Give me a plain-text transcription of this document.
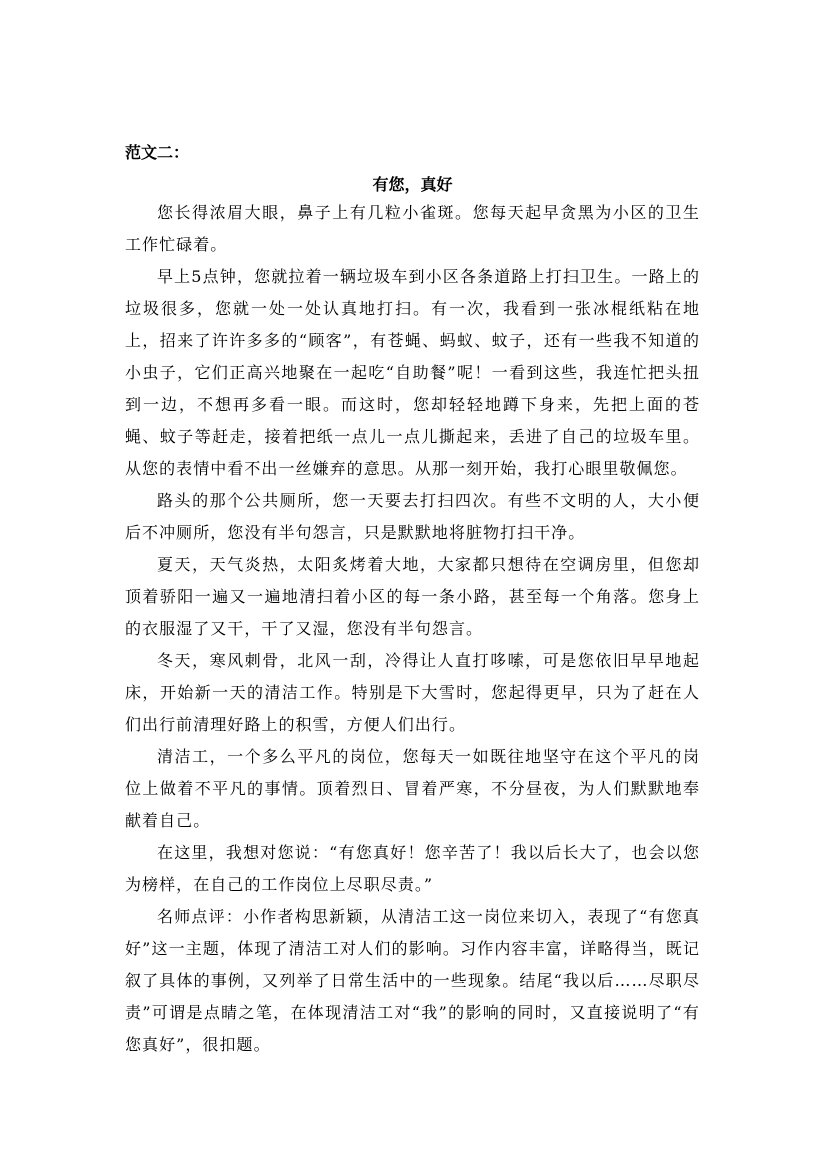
范文二：

有您，真好

您长得浓眉大眼，鼻子上有几粒小雀斑。您每天起早贪黑为小区的卫生工作忙碌着。

早上5点钟，您就拉着一辆垃圾车到小区各条道路上打扫卫生。一路上的垃圾很多，您就一处一处认真地打扫。有一次，我看到一张冰棍纸粘在地上，招来了许许多多的“顾客”，有苍蝇、蚂蚁、蚊子，还有一些我不知道的小虫子，它们正高兴地聚在一起吃“自助餐”呢！一看到这些，我连忙把头扭到一边，不想再多看一眼。而这时，您却轻轻地蹲下身来，先把上面的苍蝇、蚊子等赶走，接着把纸一点儿一点儿撕起来，丢进了自己的垃圾车里。从您的表情中看不出一丝嫌弃的意思。从那一刻开始，我打心眼里敬佩您。

路头的那个公共厕所，您一天要去打扫四次。有些不文明的人，大小便后不冲厕所，您没有半句怨言，只是默默地将脏物打扫干净。

夏天，天气炎热，太阳炙烤着大地，大家都只想待在空调房里，但您却顶着骄阳一遍又一遍地清扫着小区的每一条小路，甚至每一个角落。您身上的衣服湿了又干，干了又湿，您没有半句怨言。

冬天，寒风刺骨，北风一刮，冷得让人直打哆嗦，可是您依旧早早地起床，开始新一天的清洁工作。特别是下大雪时，您起得更早，只为了赶在人们出行前清理好路上的积雪，方便人们出行。

清洁工，一个多么平凡的岗位，您每天一如既往地坚守在这个平凡的岗位上做着不平凡的事情。顶着烈日、冒着严寒，不分昼夜，为人们默默地奉献着自己。

在这里，我想对您说：“有您真好！您辛苦了！我以后长大了，也会以您为榜样，在自己的工作岗位上尽职尽责。”

名师点评：小作者构思新颖，从清洁工这一岗位来切入，表现了“有您真好”这一主题，体现了清洁工对人们的影响。习作内容丰富，详略得当，既记叙了具体的事例，又列举了日常生活中的一些现象。结尾“我以后……尽职尽责”可谓是点睛之笔，在体现清洁工对“我”的影响的同时，又直接说明了“有您真好”，很扣题。
